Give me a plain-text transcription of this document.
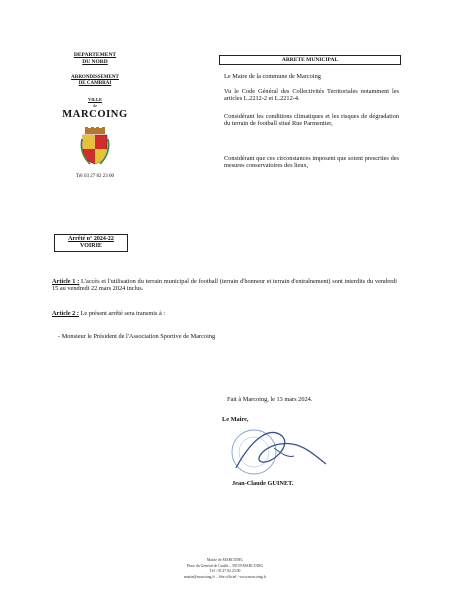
DEPARTEMENT
DU NORD
ARRONDISSEMENT
DE CAMBRAI
VILLE
de
MARCOING
Tél 03 27 82 23 00
ARRETE MUNICIPAL
Le Maire de la commune de Marcoing
Vu le Code Général des Collectivités Territoriales notamment les articles L.2212-2 et L.2212-4.
Considérant les conditions climatiques et les risques de dégradation du terrain de football situé Rue Parmentier,
Considérant que ces circonstances imposent que soient prescrites des mesures conservatoires des lieux,
Arrêté n° 2024-22
VOIRIE
Article 1 : L'accès et l'utilisation du terrain municipal de football (terrain d'honneur et terrain d'entraînement) sont interdits du vendredi 15 au vendredi 22 mars 2024 inclus.
Article 2 : Le présent arrêté sera transmis à :
- Monsieur le Président de l'Association Sportive de Marcoing
Fait à Marcoing, le 13 mars 2024.
Le Maire,
Jean-Claude GUINET.
Mairie de MARCOING
Place du Général de Gaulle – 59159 MARCOING
Tél : 03.27.82.23.00
mairie@marcoing.fr – Site officiel : www.marcoing.fr
